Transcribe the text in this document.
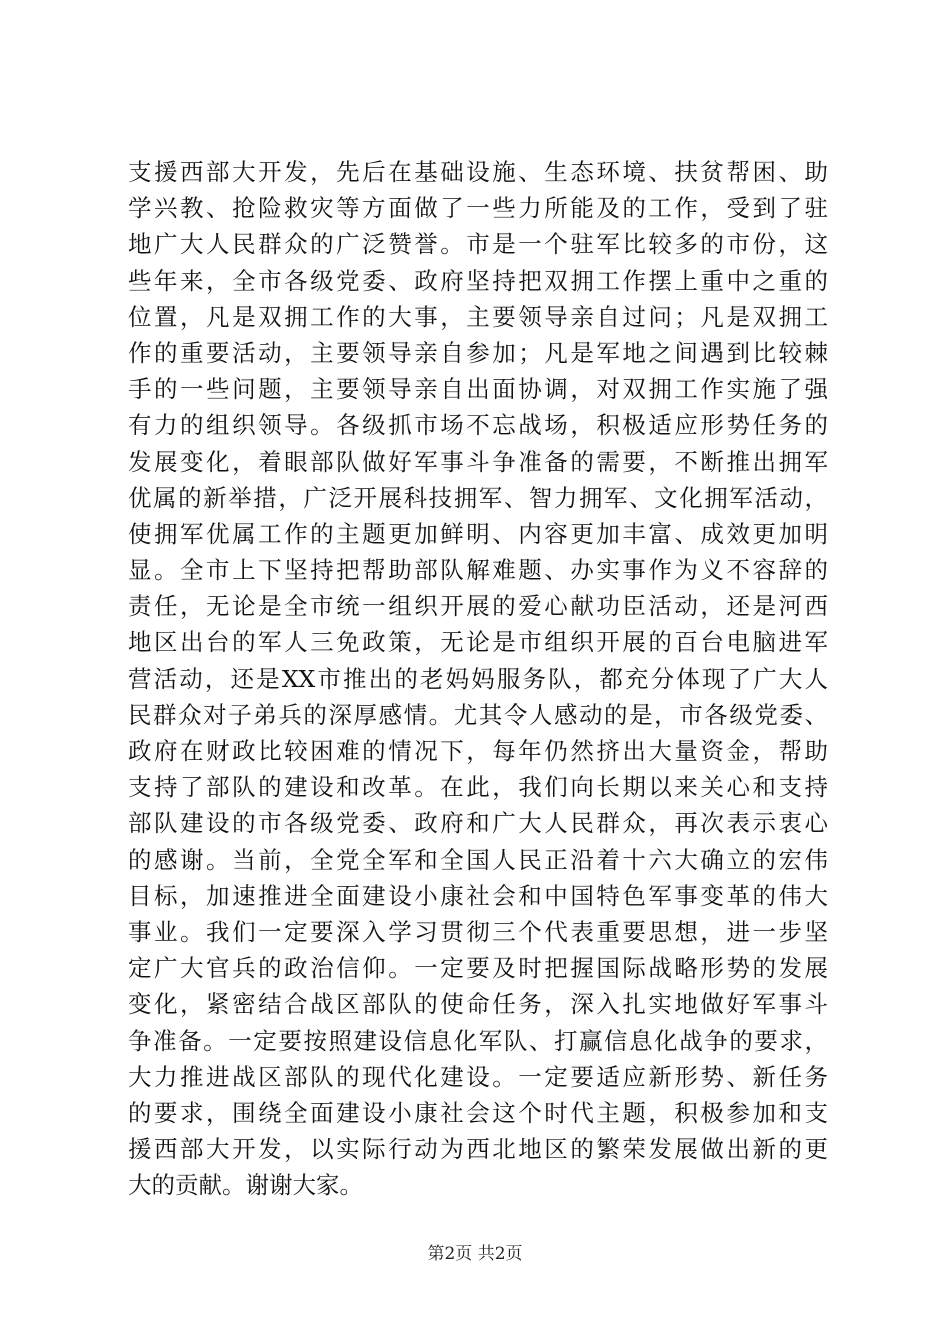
支援西部大开发，先后在基础设施、生态环境、扶贫帮困、助
学兴教、抢险救灾等方面做了一些力所能及的工作，受到了驻
地广大人民群众的广泛赞誉。市是一个驻军比较多的市份，这
些年来，全市各级党委、政府坚持把双拥工作摆上重中之重的
位置，凡是双拥工作的大事，主要领导亲自过问；凡是双拥工
作的重要活动，主要领导亲自参加；凡是军地之间遇到比较棘
手的一些问题，主要领导亲自出面协调，对双拥工作实施了强
有力的组织领导。各级抓市场不忘战场，积极适应形势任务的
发展变化，着眼部队做好军事斗争准备的需要，不断推出拥军
优属的新举措，广泛开展科技拥军、智力拥军、文化拥军活动，
使拥军优属工作的主题更加鲜明、内容更加丰富、成效更加明
显。全市上下坚持把帮助部队解难题、办实事作为义不容辞的
责任，无论是全市统一组织开展的爱心献功臣活动，还是河西
地区出台的军人三免政策，无论是市组织开展的百台电脑进军
营活动，还是XX市推出的老妈妈服务队，都充分体现了广大人
民群众对子弟兵的深厚感情。尤其令人感动的是，市各级党委、
政府在财政比较困难的情况下，每年仍然挤出大量资金，帮助
支持了部队的建设和改革。在此，我们向长期以来关心和支持
部队建设的市各级党委、政府和广大人民群众，再次表示衷心
的感谢。当前，全党全军和全国人民正沿着十六大确立的宏伟
目标，加速推进全面建设小康社会和中国特色军事变革的伟大
事业。我们一定要深入学习贯彻三个代表重要思想，进一步坚
定广大官兵的政治信仰。一定要及时把握国际战略形势的发展
变化，紧密结合战区部队的使命任务，深入扎实地做好军事斗
争准备。一定要按照建设信息化军队、打赢信息化战争的要求，
大力推进战区部队的现代化建设。一定要适应新形势、新任务
的要求，围绕全面建设小康社会这个时代主题，积极参加和支
援西部大开发，以实际行动为西北地区的繁荣发展做出新的更
大的贡献。谢谢大家。
第2页 共2页
